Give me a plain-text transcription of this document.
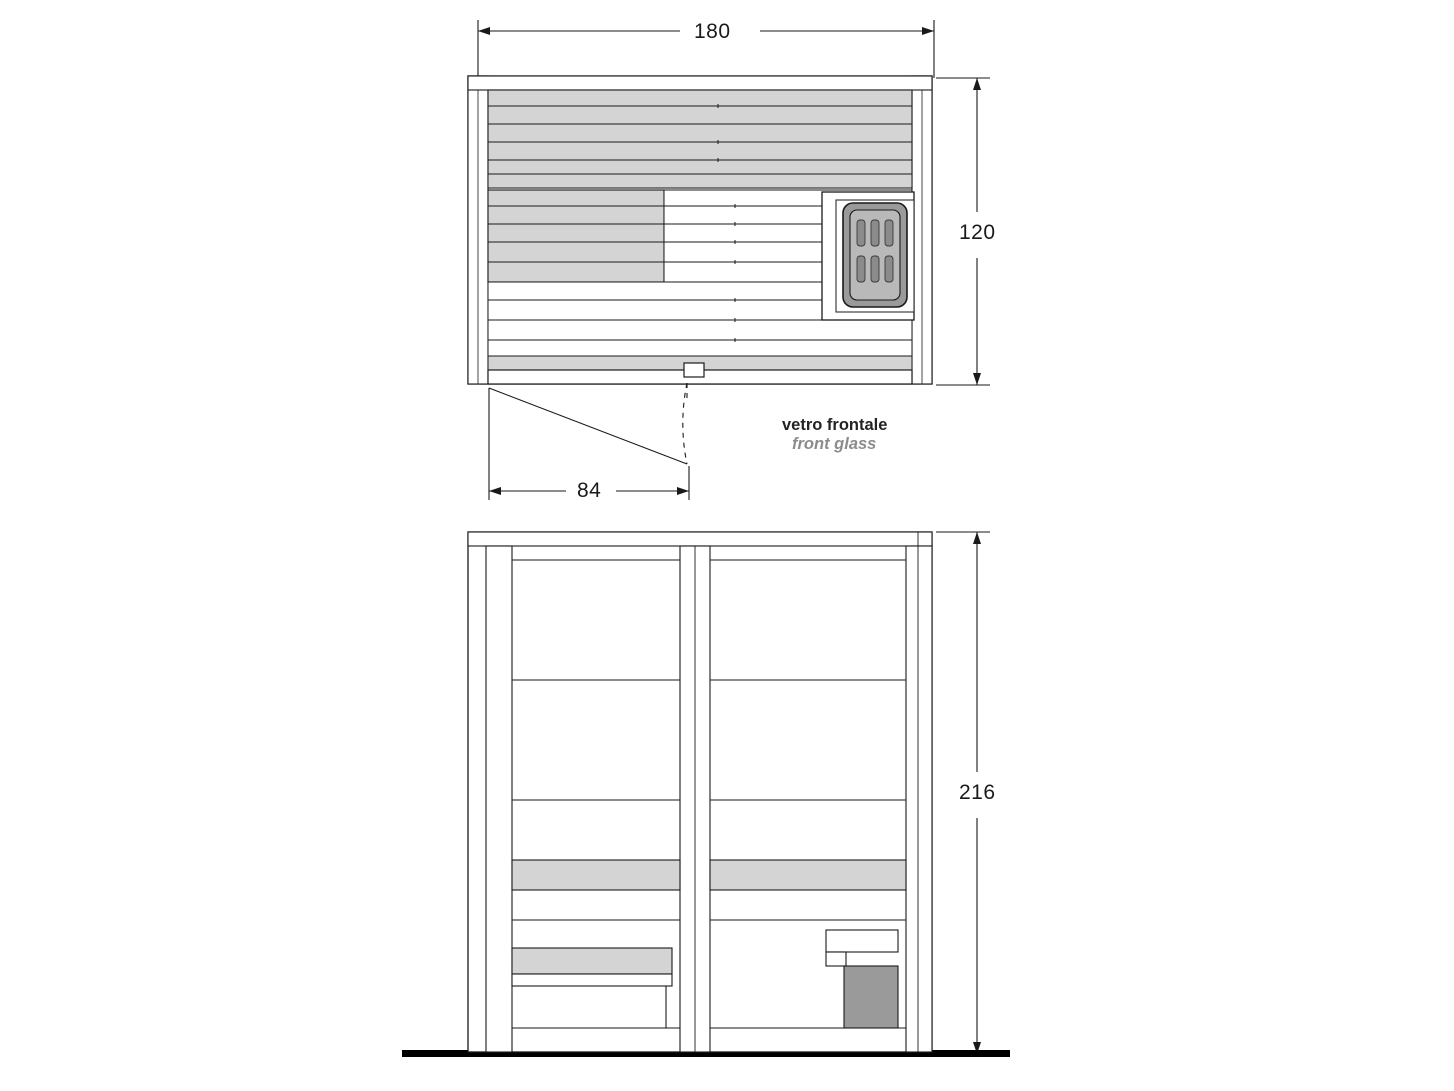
180
120
84
216
vetro frontale
front glass
